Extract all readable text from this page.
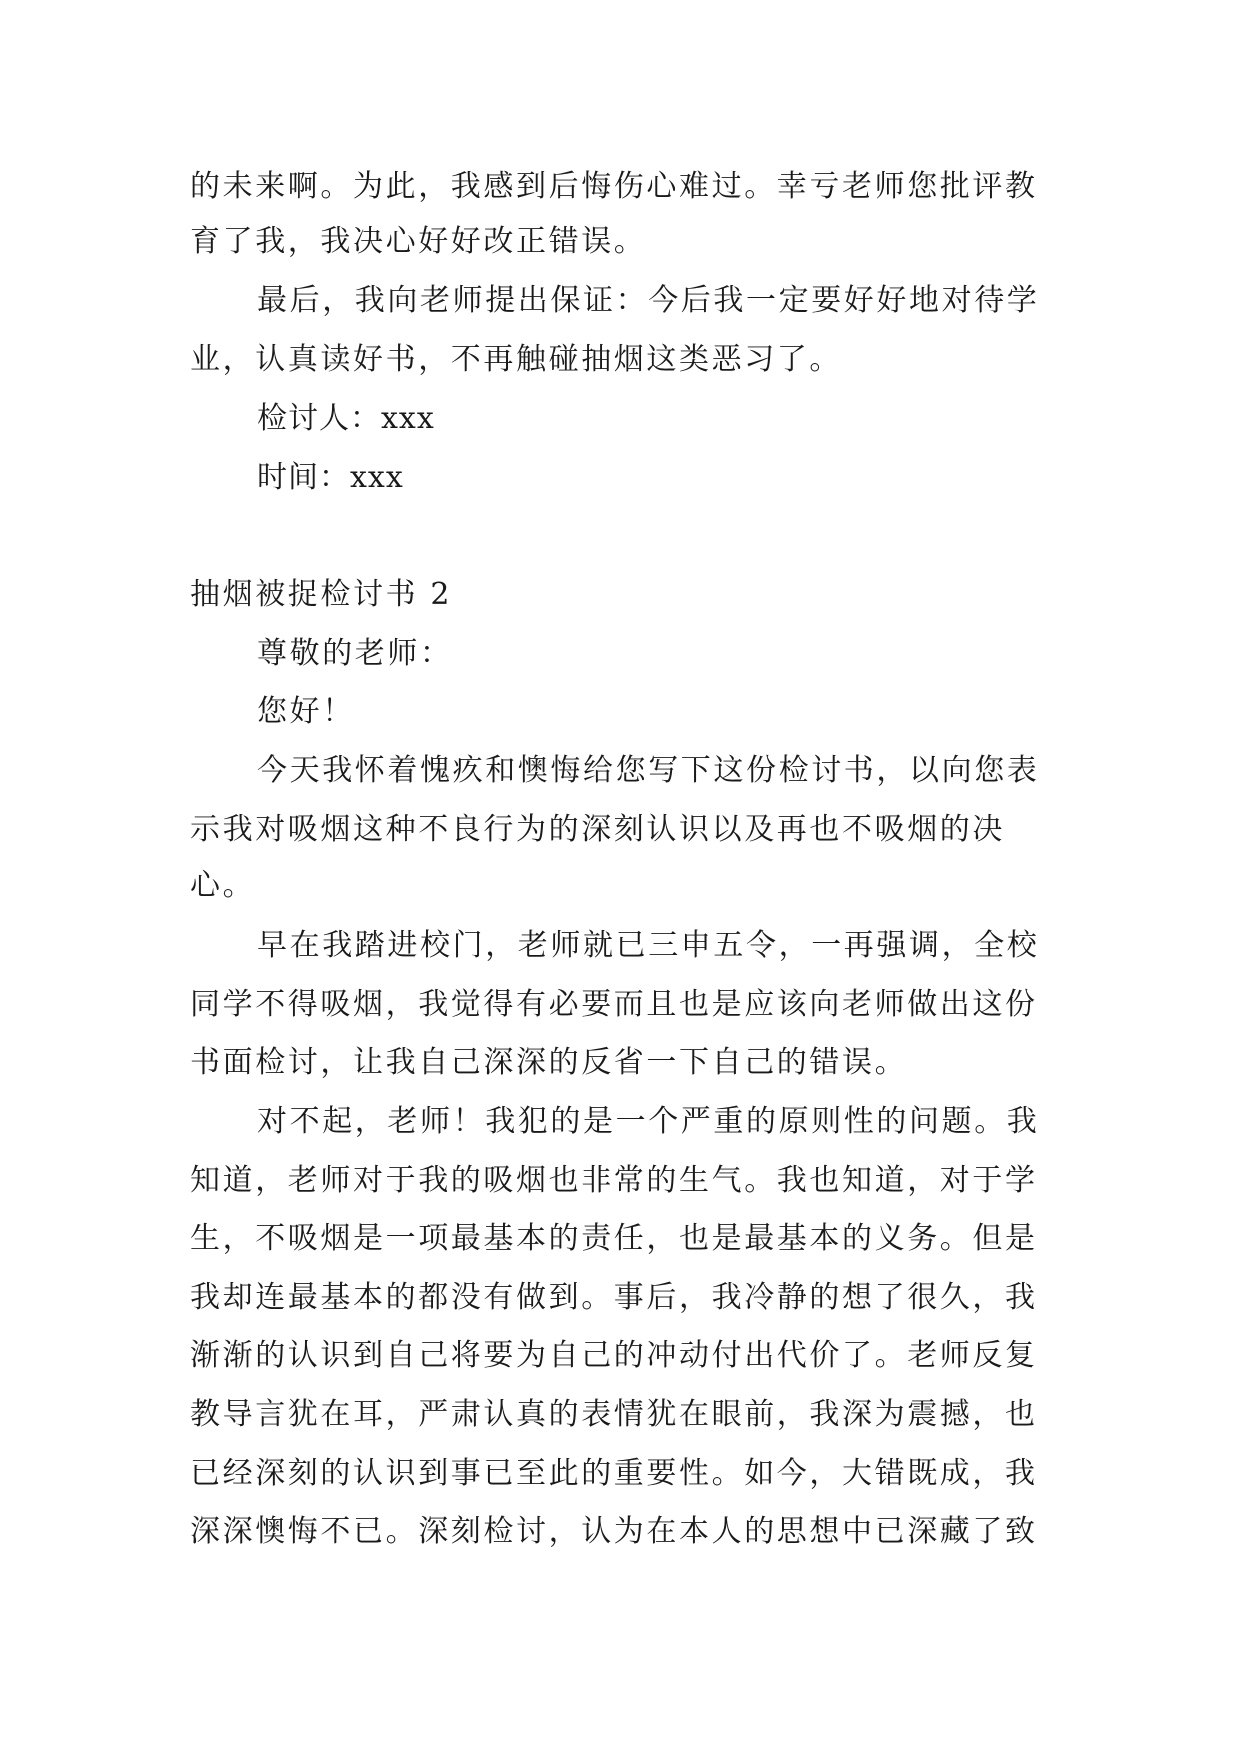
的未来啊。为此，我感到后悔伤心难过。幸亏老师您批评教
育了我，我决心好好改正错误。
最后，我向老师提出保证：今后我一定要好好地对待学
业，认真读好书，不再触碰抽烟这类恶习了。
检讨人：xxx
时间：xxx
抽烟被捉检讨书 2
尊敬的老师：
您好！
今天我怀着愧疚和懊悔给您写下这份检讨书，以向您表
示我对吸烟这种不良行为的深刻认识以及再也不吸烟的决
心。
早在我踏进校门，老师就已三申五令，一再强调，全校
同学不得吸烟，我觉得有必要而且也是应该向老师做出这份
书面检讨，让我自己深深的反省一下自己的错误。
对不起，老师！我犯的是一个严重的原则性的问题。我
知道，老师对于我的吸烟也非常的生气。我也知道，对于学
生，不吸烟是一项最基本的责任，也是最基本的义务。但是
我却连最基本的都没有做到。事后，我冷静的想了很久，我
渐渐的认识到自己将要为自己的冲动付出代价了。老师反复
教导言犹在耳，严肃认真的表情犹在眼前，我深为震撼，也
已经深刻的认识到事已至此的重要性。如今，大错既成，我
深深懊悔不已。深刻检讨，认为在本人的思想中已深藏了致
